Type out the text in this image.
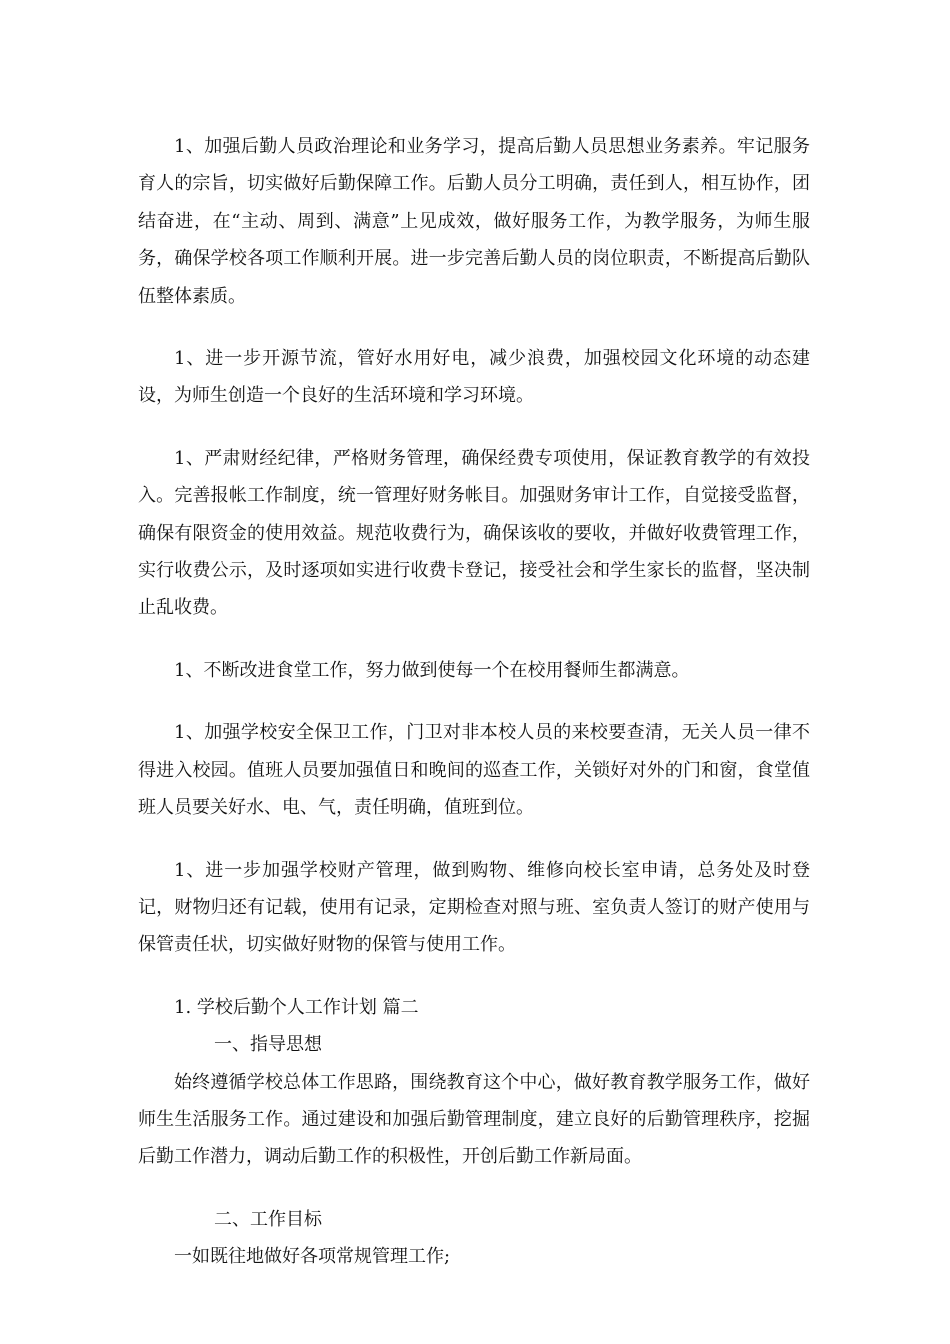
1、加强后勤人员政治理论和业务学习，提高后勤人员思想业务素养。牢记服务育人的宗旨，切实做好后勤保障工作。后勤人员分工明确，责任到人，相互协作，团结奋进，在“主动、周到、满意”上见成效，做好服务工作，为教学服务，为师生服务，确保学校各项工作顺利开展。进一步完善后勤人员的岗位职责，不断提高后勤队伍整体素质。

1、进一步开源节流，管好水用好电，减少浪费，加强校园文化环境的动态建设，为师生创造一个良好的生活环境和学习环境。

1、严肃财经纪律，严格财务管理，确保经费专项使用，保证教育教学的有效投入。完善报帐工作制度，统一管理好财务帐目。加强财务审计工作，自觉接受监督，确保有限资金的使用效益。规范收费行为，确保该收的要收，并做好收费管理工作，实行收费公示，及时逐项如实进行收费卡登记，接受社会和学生家长的监督，坚决制止乱收费。

1、不断改进食堂工作，努力做到使每一个在校用餐师生都满意。

1、加强学校安全保卫工作，门卫对非本校人员的来校要查清，无关人员一律不得进入校园。值班人员要加强值日和晚间的巡查工作，关锁好对外的门和窗，食堂值班人员要关好水、电、气，责任明确，值班到位。

1、进一步加强学校财产管理，做到购物、维修向校长室申请，总务处及时登记，财物归还有记载，使用有记录，定期检查对照与班、室负责人签订的财产使用与保管责任状，切实做好财物的保管与使用工作。

1. 学校后勤个人工作计划 篇二

一、指导思想

始终遵循学校总体工作思路，围绕教育这个中心，做好教育教学服务工作，做好师生生活服务工作。通过建设和加强后勤管理制度，建立良好的后勤管理秩序，挖掘后勤工作潜力，调动后勤工作的积极性，开创后勤工作新局面。

二、工作目标

一如既往地做好各项常规管理工作;
